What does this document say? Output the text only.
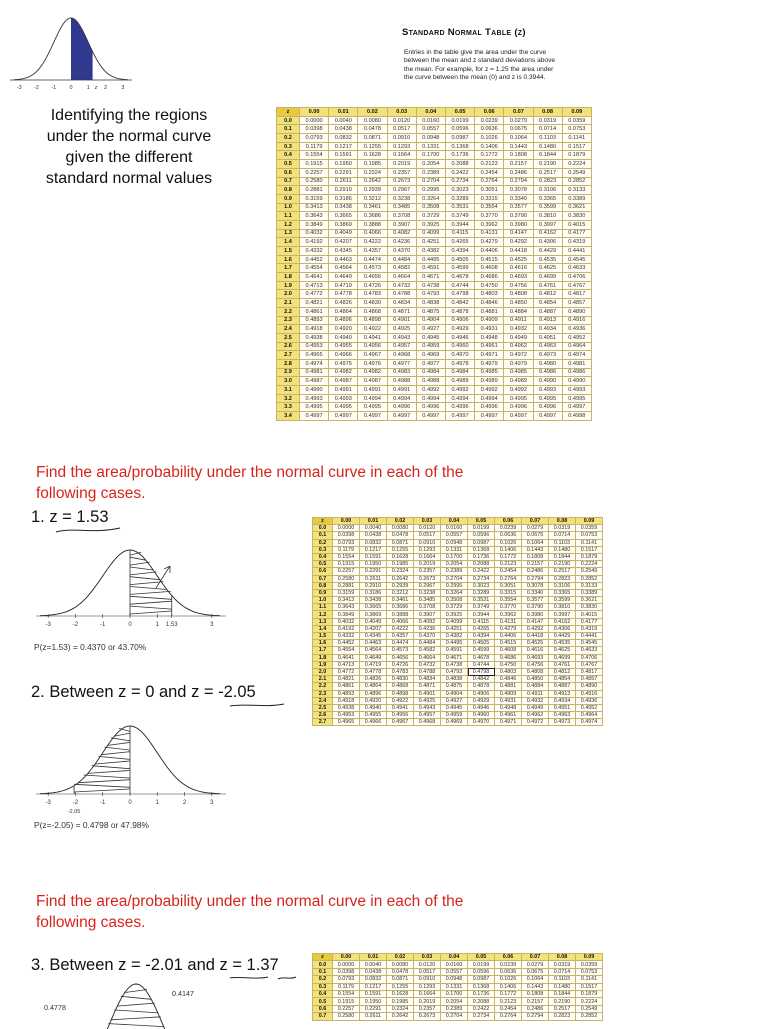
-3 -2 -1 0	1	2	3
z
Standard Normal Table (z)
Entries in the table give the area under the curve
between the mean and z standard deviations above
the mean. For example, for z = 1.25 the area under
the curve between the mean (0) and z is 0.3944.
Identifying the regions
under the normal curve
given the different
standard normal values
z	0.00	0.01	0.02	0.03	0.04	0.05	0.06	0.07	0.08	0.09
0.0	0.0000	0.0040	0.0080	0.0120	0.0160	0.0199	0.0239	0.0279	0.0319	0.0359
0.1	0.0398	0.0438	0.0478	0.0517	0.0557	0.0596	0.0636	0.0675	0.0714	0.0753
0.2	0.0793	0.0832	0.0871	0.0910	0.0948	0.0987	0.1026	0.1064	0.1103	0.1141
0.3	0.1179	0.1217	0.1255	0.1293	0.1331	0.1368	0.1406	0.1443	0.1480	0.1517
0.4	0.1554	0.1591	0.1628	0.1664	0.1700	0.1736	0.1772	0.1808	0.1844	0.1879
0.5	0.1915	0.1950	0.1985	0.2019	0.2054	0.2088	0.2123	0.2157	0.2190	0.2224
0.6	0.2257	0.2291	0.2324	0.2357	0.2389	0.2422	0.2454	0.2486	0.2517	0.2549
0.7	0.2580	0.2611	0.2642	0.2673	0.2704	0.2734	0.2764	0.2794	0.2823	0.2852
0.8	0.2881	0.2910	0.2939	0.2967	0.2995	0.3023	0.3051	0.3078	0.3106	0.3133
0.9	0.3159	0.3186	0.3212	0.3238	0.3264	0.3289	0.3315	0.3340	0.3365	0.3389
1.0	0.3413	0.3438	0.3461	0.3485	0.3508	0.3531	0.3554	0.3577	0.3599	0.3621
1.1	0.3643	0.3665	0.3686	0.3708	0.3729	0.3749	0.3770	0.3790	0.3810	0.3830
1.2	0.3849	0.3869	0.3888	0.3907	0.3925	0.3944	0.3962	0.3980	0.3997	0.4015
1.3	0.4032	0.4049	0.4066	0.4082	0.4099	0.4115	0.4131	0.4147	0.4162	0.4177
1.4	0.4192	0.4207	0.4222	0.4236	0.4251	0.4265	0.4279	0.4292	0.4306	0.4319
1.5	0.4332	0.4345	0.4357	0.4370	0.4382	0.4394	0.4406	0.4418	0.4429	0.4441
1.6	0.4452	0.4463	0.4474	0.4484	0.4495	0.4505	0.4515	0.4525	0.4535	0.4545
1.7	0.4554	0.4564	0.4573	0.4582	0.4591	0.4599	0.4608	0.4616	0.4625	0.4633
1.8	0.4641	0.4649	0.4656	0.4664	0.4671	0.4678	0.4686	0.4693	0.4699	0.4706
1.9	0.4713	0.4719	0.4726	0.4732	0.4738	0.4744	0.4750	0.4756	0.4761	0.4767
2.0	0.4772	0.4778	0.4783	0.4788	0.4793	0.4798	0.4803	0.4808	0.4812	0.4817
2.1	0.4821	0.4826	0.4830	0.4834	0.4838	0.4842	0.4846	0.4850	0.4854	0.4857
2.2	0.4861	0.4864	0.4868	0.4871	0.4875	0.4878	0.4881	0.4884	0.4887	0.4890
2.3	0.4893	0.4896	0.4898	0.4901	0.4904	0.4906	0.4909	0.4911	0.4913	0.4916
2.4	0.4918	0.4920	0.4922	0.4925	0.4927	0.4929	0.4931	0.4932	0.4934	0.4936
2.5	0.4938	0.4940	0.4941	0.4943	0.4945	0.4946	0.4948	0.4949	0.4951	0.4952
2.6	0.4953	0.4955	0.4956	0.4957	0.4959	0.4960	0.4961	0.4962	0.4963	0.4964
2.7	0.4965	0.4966	0.4967	0.4968	0.4969	0.4970	0.4971	0.4972	0.4973	0.4974
2.8	0.4974	0.4975	0.4976	0.4977	0.4977	0.4978	0.4979	0.4979	0.4980	0.4981
2.9	0.4981	0.4982	0.4982	0.4983	0.4984	0.4984	0.4985	0.4985	0.4986	0.4986
3.0	0.4987	0.4987	0.4987	0.4988	0.4988	0.4989	0.4989	0.4989	0.4990	0.4990
3.1	0.4990	0.4991	0.4991	0.4991	0.4992	0.4992	0.4992	0.4992	0.4993	0.4993
3.2	0.4993	0.4993	0.4994	0.4994	0.4994	0.4994	0.4994	0.4995	0.4995	0.4995
3.3	0.4995	0.4995	0.4995	0.4996	0.4996	0.4996	0.4996	0.4996	0.4996	0.4997
3.4	0.4997	0.4997	0.4997	0.4997	0.4997	0.4997	0.4997	0.4997	0.4997	0.4998
Find the area/probability under the normal curve in each of the
following cases.
1. z = 1.53
-3	-2	-1	0	1 1.53	3
P(z=1.53) = 0.4370 or 43.70%
z	0.00	0.01	0.02	0.03	0.04	0.05	0.06	0.07	0.08	0.09
0.0	0.0000	0.0040	0.0080	0.0120	0.0160	0.0199	0.0239	0.0279	0.0319	0.0359
0.1	0.0398	0.0438	0.0478	0.0517	0.0557	0.0596	0.0636	0.0675	0.0714	0.0753
0.2	0.0793	0.0832	0.0871	0.0910	0.0948	0.0987	0.1026	0.1064	0.1103	0.1141
0.3	0.1179	0.1217	0.1255	0.1293	0.1331	0.1368	0.1406	0.1443	0.1480	0.1517
0.4	0.1554	0.1591	0.1628	0.1664	0.1700	0.1736	0.1772	0.1808	0.1844	0.1879
0.5	0.1915	0.1950	0.1985	0.2019	0.2054	0.2088	0.2123	0.2157	0.2190	0.2224
0.6	0.2257	0.2291	0.2324	0.2357	0.2389	0.2422	0.2454	0.2486	0.2517	0.2549
0.7	0.2580	0.2611	0.2642	0.2673	0.2704	0.2734	0.2764	0.2794	0.2823	0.2852
0.8	0.2881	0.2910	0.2939	0.2967	0.2995	0.3023	0.3051	0.3078	0.3106	0.3133
0.9	0.3159	0.3186	0.3212	0.3238	0.3264	0.3289	0.3315	0.3340	0.3365	0.3389
1.0	0.3413	0.3438	0.3461	0.3485	0.3508	0.3531	0.3554	0.3577	0.3599	0.3621
1.1	0.3643	0.3665	0.3686	0.3708	0.3729	0.3749	0.3770	0.3790	0.3810	0.3830
1.2	0.3849	0.3869	0.3888	0.3907	0.3925	0.3944	0.3962	0.3980	0.3997	0.4015
1.3	0.4032	0.4049	0.4066	0.4082	0.4099	0.4115	0.4131	0.4147	0.4162	0.4177
1.4	0.4192	0.4207	0.4222	0.4236	0.4251	0.4265	0.4279	0.4292	0.4306	0.4319
1.5	0.4332	0.4345	0.4357	0.4370	0.4382	0.4394	0.4406	0.4418	0.4429	0.4441
1.6	0.4452	0.4463	0.4474	0.4484	0.4495	0.4505	0.4515	0.4525	0.4535	0.4545
1.7	0.4554	0.4564	0.4573	0.4582	0.4591	0.4599	0.4608	0.4616	0.4625	0.4633
1.8	0.4641	0.4649	0.4656	0.4664	0.4671	0.4678	0.4686	0.4693	0.4699	0.4706
1.9	0.4713	0.4719	0.4726	0.4732	0.4738	0.4744	0.4750	0.4756	0.4761	0.4767
2.0	0.4772	0.4778	0.4783	0.4788	0.4793	0.4798	0.4803	0.4808	0.4812	0.4817
2.1	0.4821	0.4826	0.4830	0.4834	0.4838	0.4842	0.4846	0.4850	0.4854	0.4857
2.2	0.4861	0.4864	0.4868	0.4871	0.4875	0.4878	0.4881	0.4884	0.4887	0.4890
2.3	0.4893	0.4896	0.4898	0.4901	0.4904	0.4906	0.4909	0.4911	0.4913	0.4916
2.4	0.4918	0.4920	0.4922	0.4925	0.4927	0.4929	0.4931	0.4932	0.4934	0.4936
2.5	0.4938	0.4940	0.4941	0.4943	0.4945	0.4946	0.4948	0.4949	0.4951	0.4952
2.6	0.4953	0.4955	0.4956	0.4957	0.4959	0.4960	0.4961	0.4962	0.4963	0.4964
2.7	0.4965	0.4966	0.4967	0.4968	0.4969	0.4970	0.4971	0.4972	0.4973	0.4974
2. Between z = 0 and z = -2.05
-3	-2	-1	0	1	2	3
-2.05
P(z=-2.05) = 0.4798 or 47.98%
Find the area/probability under the normal curve in each of the
following cases.
3. Between z = -2.01 and z = 1.37
0.4778
0.4147
z	0.00	0.01	0.02	0.03	0.04	0.05	0.06	0.07	0.08	0.09
0.0	0.0000	0.0040	0.0080	0.0120	0.0160	0.0199	0.0239	0.0279	0.0319	0.0359
0.1	0.0398	0.0438	0.0478	0.0517	0.0557	0.0596	0.0636	0.0675	0.0714	0.0753
0.2	0.0793	0.0832	0.0871	0.0910	0.0948	0.0987	0.1026	0.1064	0.1103	0.1141
0.3	0.1179	0.1217	0.1255	0.1293	0.1331	0.1368	0.1406	0.1443	0.1480	0.1517
0.4	0.1554	0.1591	0.1628	0.1664	0.1700	0.1736	0.1772	0.1808	0.1844	0.1879
0.5	0.1915	0.1950	0.1985	0.2019	0.2054	0.2088	0.2123	0.2157	0.2190	0.2224
0.6	0.2257	0.2291	0.2324	0.2357	0.2389	0.2422	0.2454	0.2486	0.2517	0.2549
0.7	0.2580	0.2611	0.2642	0.2673	0.2704	0.2734	0.2764	0.2794	0.2823	0.2852
